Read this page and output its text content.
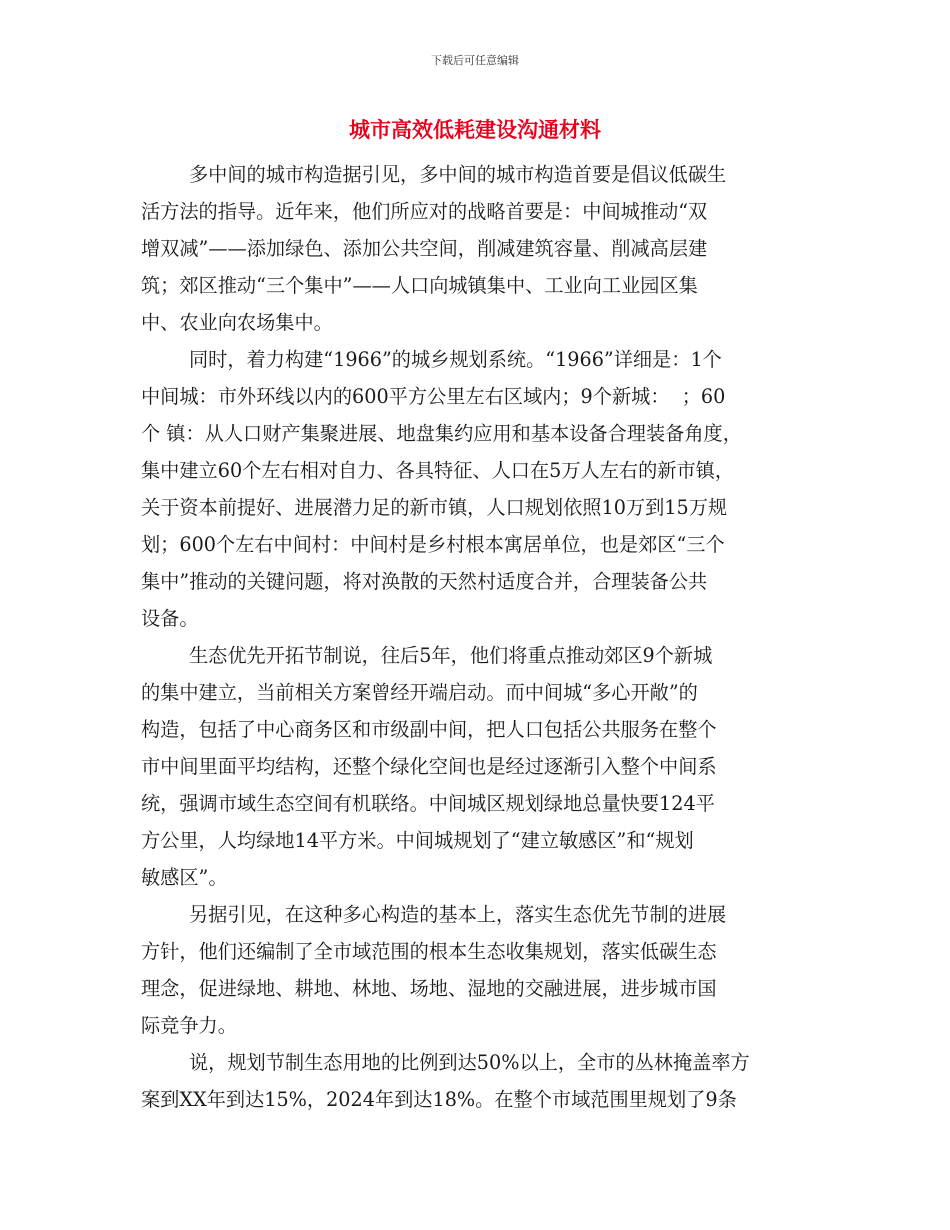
下载后可任意编辑
城市高效低耗建设沟通材料
多中间的城市构造据引见，多中间的城市构造首要是倡议低碳生
活方法的指导。近年来，他们所应对的战略首要是：中间城推动“双
增双减”——添加绿色、添加公共空间，削减建筑容量、削减高层建
筑；郊区推动“三个集中”——人口向城镇集中、工业向工业园区集
中、农业向农场集中。
同时，着力构建“1966”的城乡规划系统。“1966”详细是：1个
中间城：市外环线以内的600平方公里左右区域内；9个新城：  ；60
个 镇：从人口财产集聚进展、地盘集约应用和基本设备合理装备角度，
集中建立60个左右相对自力、各具特征、人口在5万人左右的新市镇，
关于资本前提好、进展潜力足的新市镇，人口规划依照10万到15万规
划；600个左右中间村：中间村是乡村根本寓居单位，也是郊区“三个
集中”推动的关键问题，将对涣散的天然村适度合并，合理装备公共
设备。
生态优先开拓节制说，往后5年，他们将重点推动郊区9个新城
的集中建立，当前相关方案曾经开端启动。而中间城“多心开敞”的
构造，包括了中心商务区和市级副中间，把人口包括公共服务在整个
市中间里面平均结构，还整个绿化空间也是经过逐渐引入整个中间系
统，强调市域生态空间有机联络。中间城区规划绿地总量快要124平
方公里，人均绿地14平方米。中间城规划了“建立敏感区”和“规划
敏感区”。
另据引见，在这种多心构造的基本上，落实生态优先节制的进展
方针，他们还编制了全市域范围的根本生态收集规划，落实低碳生态
理念，促进绿地、耕地、林地、场地、湿地的交融进展，进步城市国
际竞争力。
说，规划节制生态用地的比例到达50%以上，全市的丛林掩盖率方
案到XX年到达15%，2024年到达18%。在整个市域范围里规划了9条
